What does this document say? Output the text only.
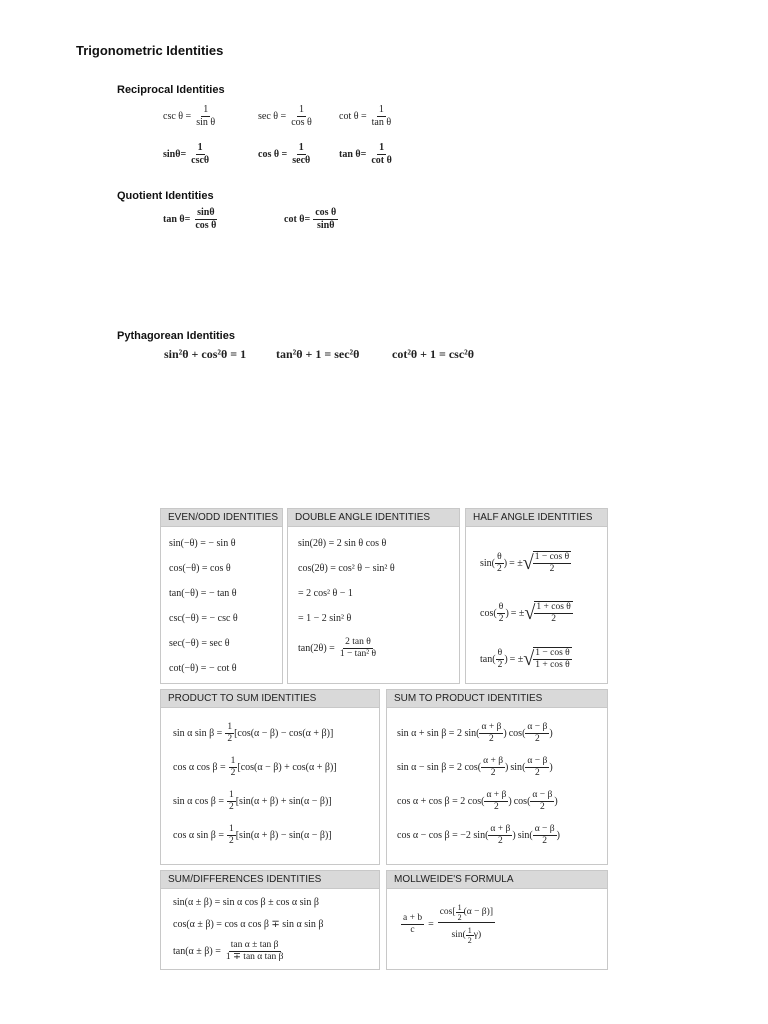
Trigonometric Identities
Reciprocal Identities
$\csc \theta = \frac{1}{\text{sin θ}}$	$\sec \theta = \frac{1}{\text{cos θ}}$	$\cot \theta = \frac{1}{\text{tan θ}}$
$\sin\theta= \frac{1}{\csc\theta}$	$\cos \theta = \frac{1}{\sec\theta}$	$\tan \theta= \frac{1}{\text{cot θ}}$
Quotient Identities
$\tan \theta= \frac{\sin\theta}{\text{cos θ}}$	$\cot \theta= \frac{\text{cos θ}}{\sin\theta}$
Pythagorean Identities
sin²θ + cos²θ = 1 tan²θ + 1 = sec²θ	cot²θ + 1 = csc²θ
EVEN/ODD IDENTITIES
sin(−θ) = − sin θ
cos(−θ) = cos θ
tan(−θ) = − tan θ
csc(−θ) = − csc θ
sec(−θ) = sec θ
cot(−θ) = − cot θ
DOUBLE ANGLE IDENTITIES
sin(2θ) = 2 sin θ cos θ
cos(2θ) = cos² θ − sin² θ
= 2 cos² θ − 1
= 1 − 2 sin² θ
$\tan(2\theta) = \frac{\text{2 tan θ}}{\text{1 − tan² θ}}$
HALF ANGLE IDENTITIES
sin ( $\frac{\theta}{2}$ ) = ± √ $\frac{\text{1 − cos θ}}{2}$
cos ( $\frac{\theta}{2}$ ) = ± √ $\frac{\text{1 + cos θ}}{2}$
tan ( $\frac{\theta}{2}$ ) = ± √ $\frac{\text{1 − cos θ}}{\text{1 + cos θ}}$
PRODUCT TO SUM IDENTITIES
sin α $\sin \beta = \frac{1}{2} [\cos(\alpha - \beta) - \cos(\alpha + \beta)]$
cos α $\cos \beta = \frac{1}{2} [\cos(\alpha - \beta) + \cos(\alpha + \beta)]$
sin α $\cos \beta = \frac{1}{2} [\sin(\alpha + \beta) + \sin(\alpha - \beta)]$
cos α $\sin \beta = \frac{1}{2} [\sin(\alpha + \beta) - \sin(\alpha - \beta)]$
SUM TO PRODUCT IDENTITIES
sin α + sin β = 2 sin ( $\frac{\alpha + \beta}{2}$ ) cos ( $\frac{\alpha - \beta}{2}$ )
sin α − sin β = 2 cos ( $\frac{\alpha + \beta}{2}$ ) sin ( $\frac{\alpha - \beta}{2}$ )
cos α + cos β = 2 cos ( $\frac{\alpha + \beta}{2}$ ) cos ( $\frac{\alpha - \beta}{2}$ )
cos α − cos β = −2 sin ( $\frac{\alpha + \beta}{2}$ ) sin ( $\frac{\alpha - \beta}{2}$ )
SUM/DIFFERENCES IDENTITIES
sin(α ± β) = sin α cos β ± cos α sin β
cos(α ± β) = cos α cos β ∓ sin α sin β
$\tan(\alpha \pm \beta) = \frac{\text{tan α ± tan β}}{\text{1 ∓ tan α tan β}}$
MOLLWEIDE'S FORMULA
$\frac{a + b}{c} = \frac{\cos [ \frac{1}{2} (\alpha - \beta) ]}{\sin ( \frac{1}{2} \gamma )}$
